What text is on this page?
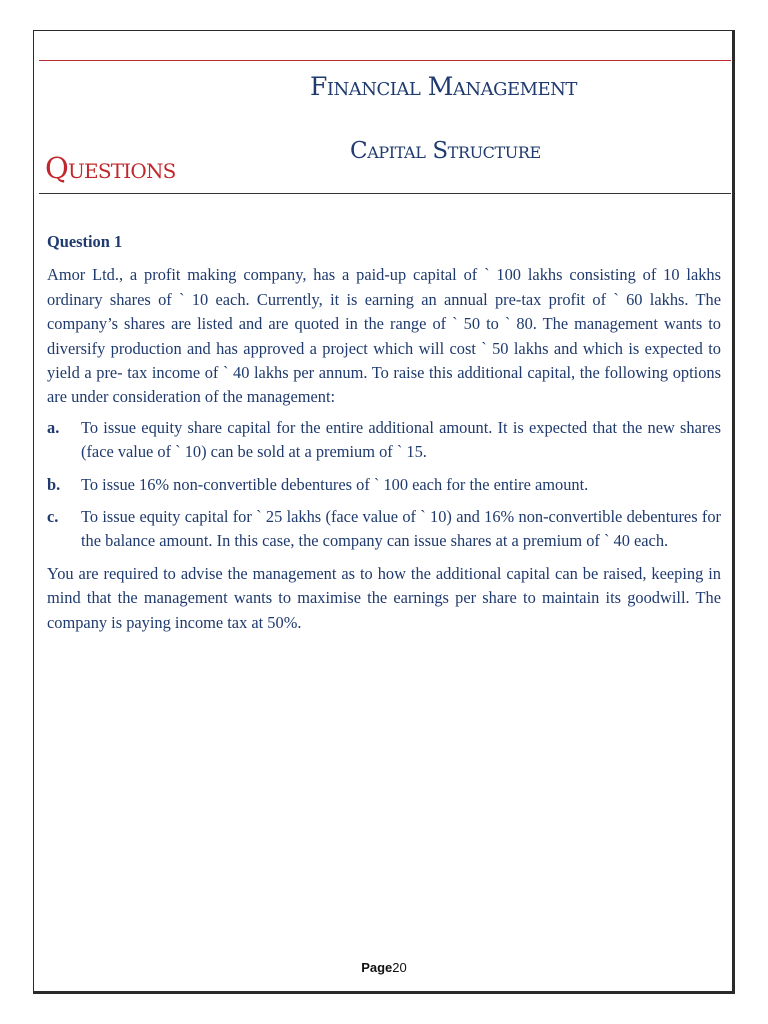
Financial Management
Capital Structure
Questions

Question 1

Amor Ltd., a profit making company, has a paid-up capital of ` 100 lakhs consisting of 10 lakhs ordinary shares of ` 10 each. Currently, it is earning an annual pre-tax profit of ` 60 lakhs. The company’s shares are listed and are quoted in the range of ` 50 to ` 80. The management wants to diversify production and has approved a project which will cost ` 50 lakhs and which is expected to yield a pre- tax income of ` 40 lakhs per annum. To raise this additional capital, the following options are under consideration of the management:

a.	To issue equity share capital for the entire additional amount. It is expected that the new shares (face value of ` 10) can be sold at a premium of ` 15.
b.	To issue 16% non-convertible debentures of ` 100 each for the entire amount.
c.	To issue equity capital for ` 25 lakhs (face value of ` 10) and 16% non-convertible debentures for the balance amount. In this case, the company can issue shares at a premium of ` 40 each.

You are required to advise the management as to how the additional capital can be raised, keeping in mind that the management wants to maximise the earnings per share to maintain its goodwill. The company is paying income tax at 50%.

Page20
